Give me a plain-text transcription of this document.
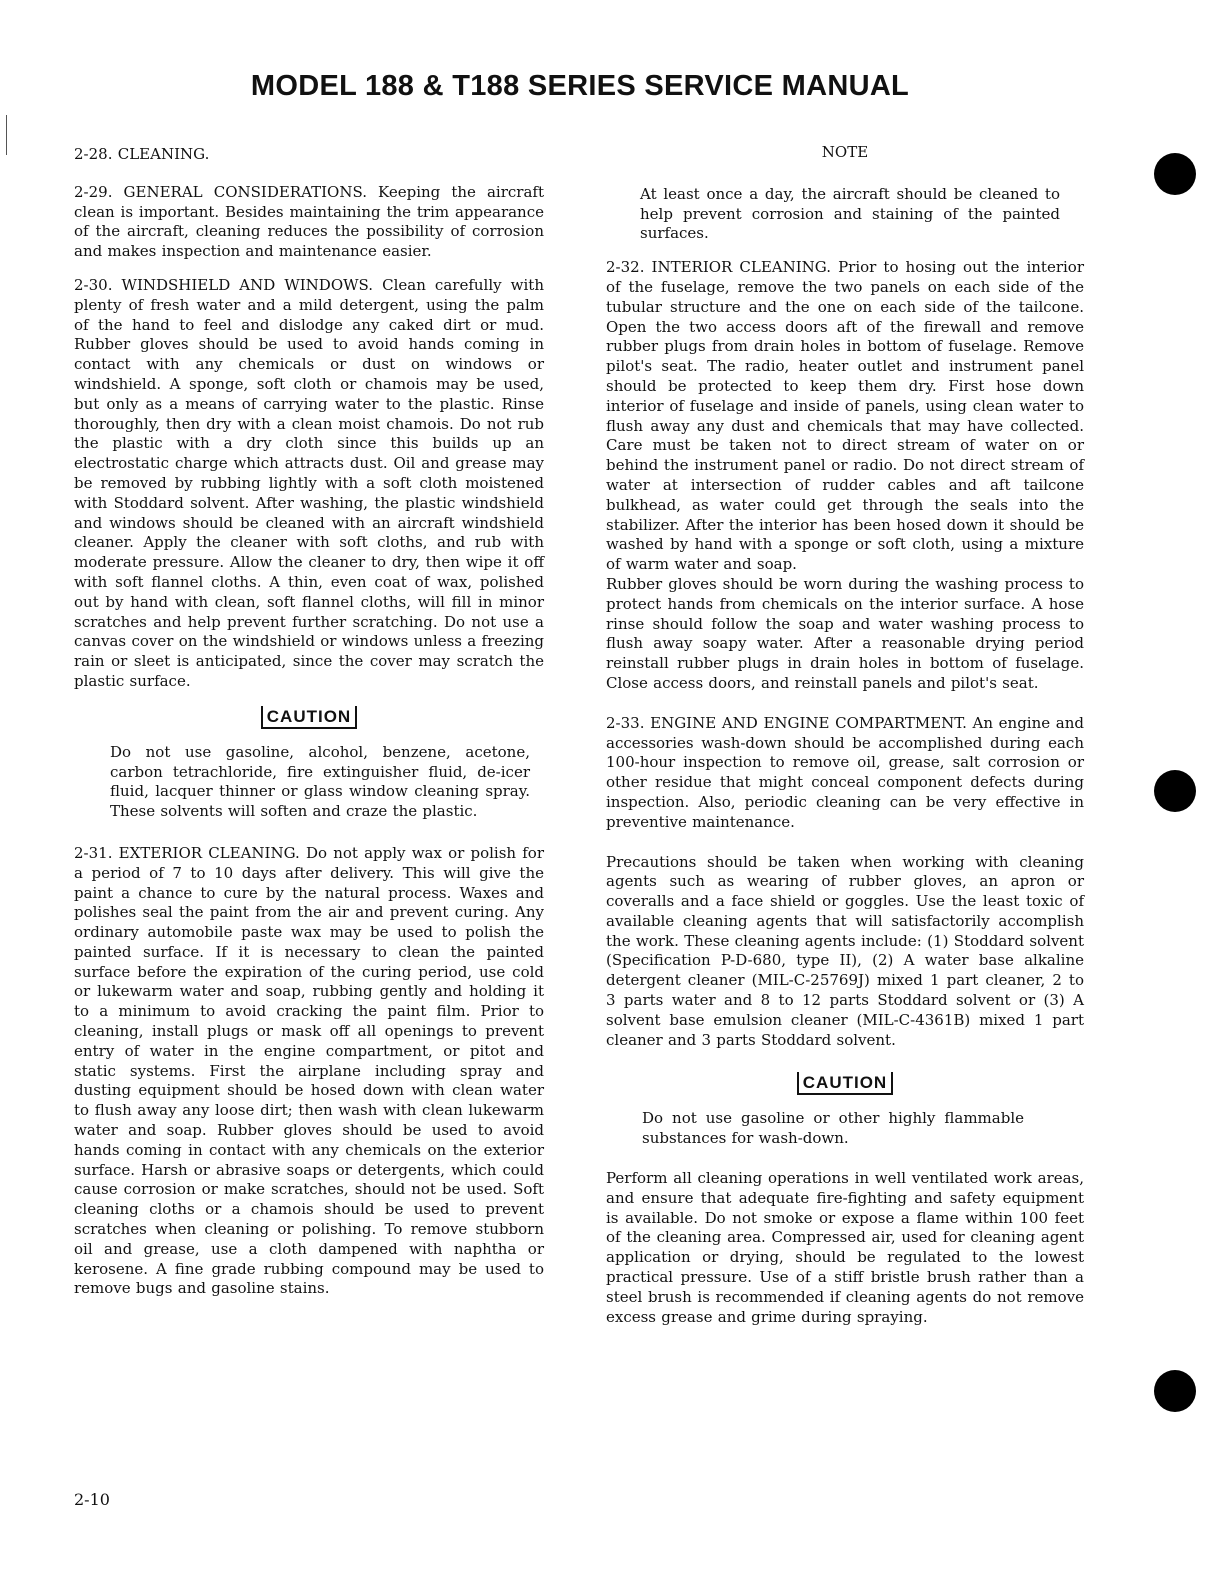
MODEL 188 & T188 SERIES SERVICE MANUAL

2-28. CLEANING.

2-29. GENERAL CONSIDERATIONS. Keeping the aircraft clean is important. Besides maintaining the trim appearance of the aircraft, cleaning reduces the possibility of corrosion and makes inspection and maintenance easier.

2-30. WINDSHIELD AND WINDOWS. Clean carefully with plenty of fresh water and a mild detergent, using the palm of the hand to feel and dislodge any caked dirt or mud. Rubber gloves should be used to avoid hands coming in contact with any chemicals or dust on windows or windshield. A sponge, soft cloth or chamois may be used, but only as a means of carrying water to the plastic. Rinse thoroughly, then dry with a clean moist chamois. Do not rub the plastic with a dry cloth since this builds up an electrostatic charge which attracts dust. Oil and grease may be removed by rubbing lightly with a soft cloth moistened with Stoddard solvent. After washing, the plastic windshield and windows should be cleaned with an aircraft windshield cleaner. Apply the cleaner with soft cloths, and rub with moderate pressure. Allow the cleaner to dry, then wipe it off with soft flannel cloths. A thin, even coat of wax, polished out by hand with clean, soft flannel cloths, will fill in minor scratches and help prevent further scratching. Do not use a canvas cover on the windshield or windows unless a freezing rain or sleet is anticipated, since the cover may scratch the plastic surface.

CAUTION

Do not use gasoline, alcohol, benzene, acetone, carbon tetrachloride, fire extinguisher fluid, de-icer fluid, lacquer thinner or glass window cleaning spray. These solvents will soften and craze the plastic.

2-31. EXTERIOR CLEANING. Do not apply wax or polish for a period of 7 to 10 days after delivery. This will give the paint a chance to cure by the natural process. Waxes and polishes seal the paint from the air and prevent curing. Any ordinary automobile paste wax may be used to polish the painted surface. If it is necessary to clean the painted surface before the expiration of the curing period, use cold or lukewarm water and soap, rubbing gently and holding it to a minimum to avoid cracking the paint film. Prior to cleaning, install plugs or mask off all openings to prevent entry of water in the engine compartment, or pitot and static systems. First the airplane including spray and dusting equipment should be hosed down with clean water to flush away any loose dirt; then wash with clean lukewarm water and soap. Rubber gloves should be used to avoid hands coming in contact with any chemicals on the exterior surface. Harsh or abrasive soaps or detergents, which could cause corrosion or make scratches, should not be used. Soft cleaning cloths or a chamois should be used to prevent scratches when cleaning or polishing. To remove stubborn oil and grease, use a cloth dampened with naphtha or kerosene. A fine grade rubbing compound may be used to remove bugs and gasoline stains.

NOTE

At least once a day, the aircraft should be cleaned to help prevent corrosion and staining of the painted surfaces.

2-32. INTERIOR CLEANING. Prior to hosing out the interior of the fuselage, remove the two panels on each side of the tubular structure and the one on each side of the tailcone. Open the two access doors aft of the firewall and remove rubber plugs from drain holes in bottom of fuselage. Remove pilot's seat. The radio, heater outlet and instrument panel should be protected to keep them dry. First hose down interior of fuselage and inside of panels, using clean water to flush away any dust and chemicals that may have collected. Care must be taken not to direct stream of water on or behind the instrument panel or radio. Do not direct stream of water at intersection of rudder cables and aft tailcone bulkhead, as water could get through the seals into the stabilizer. After the interior has been hosed down it should be washed by hand with a sponge or soft cloth, using a mixture of warm water and soap.

Rubber gloves should be worn during the washing process to protect hands from chemicals on the interior surface. A hose rinse should follow the soap and water washing process to flush away soapy water. After a reasonable drying period reinstall rubber plugs in drain holes in bottom of fuselage. Close access doors, and reinstall panels and pilot's seat.

2-33. ENGINE AND ENGINE COMPARTMENT. An engine and accessories wash-down should be accomplished during each 100-hour inspection to remove oil, grease, salt corrosion or other residue that might conceal component defects during inspection. Also, periodic cleaning can be very effective in preventive maintenance.

Precautions should be taken when working with cleaning agents such as wearing of rubber gloves, an apron or coveralls and a face shield or goggles. Use the least toxic of available cleaning agents that will satisfactorily accomplish the work. These cleaning agents include: (1) Stoddard solvent (Specification P-D-680, type II), (2) A water base alkaline detergent cleaner (MIL-C-25769J) mixed 1 part cleaner, 2 to 3 parts water and 8 to 12 parts Stoddard solvent or (3) A solvent base emulsion cleaner (MIL-C-4361B) mixed 1 part cleaner and 3 parts Stoddard solvent.

CAUTION

Do not use gasoline or other highly flammable substances for wash-down.

Perform all cleaning operations in well ventilated work areas, and ensure that adequate fire-fighting and safety equipment is available. Do not smoke or expose a flame within 100 feet of the cleaning area. Compressed air, used for cleaning agent application or drying, should be regulated to the lowest practical pressure. Use of a stiff bristle brush rather than a steel brush is recommended if cleaning agents do not remove excess grease and grime during spraying.

2-10
